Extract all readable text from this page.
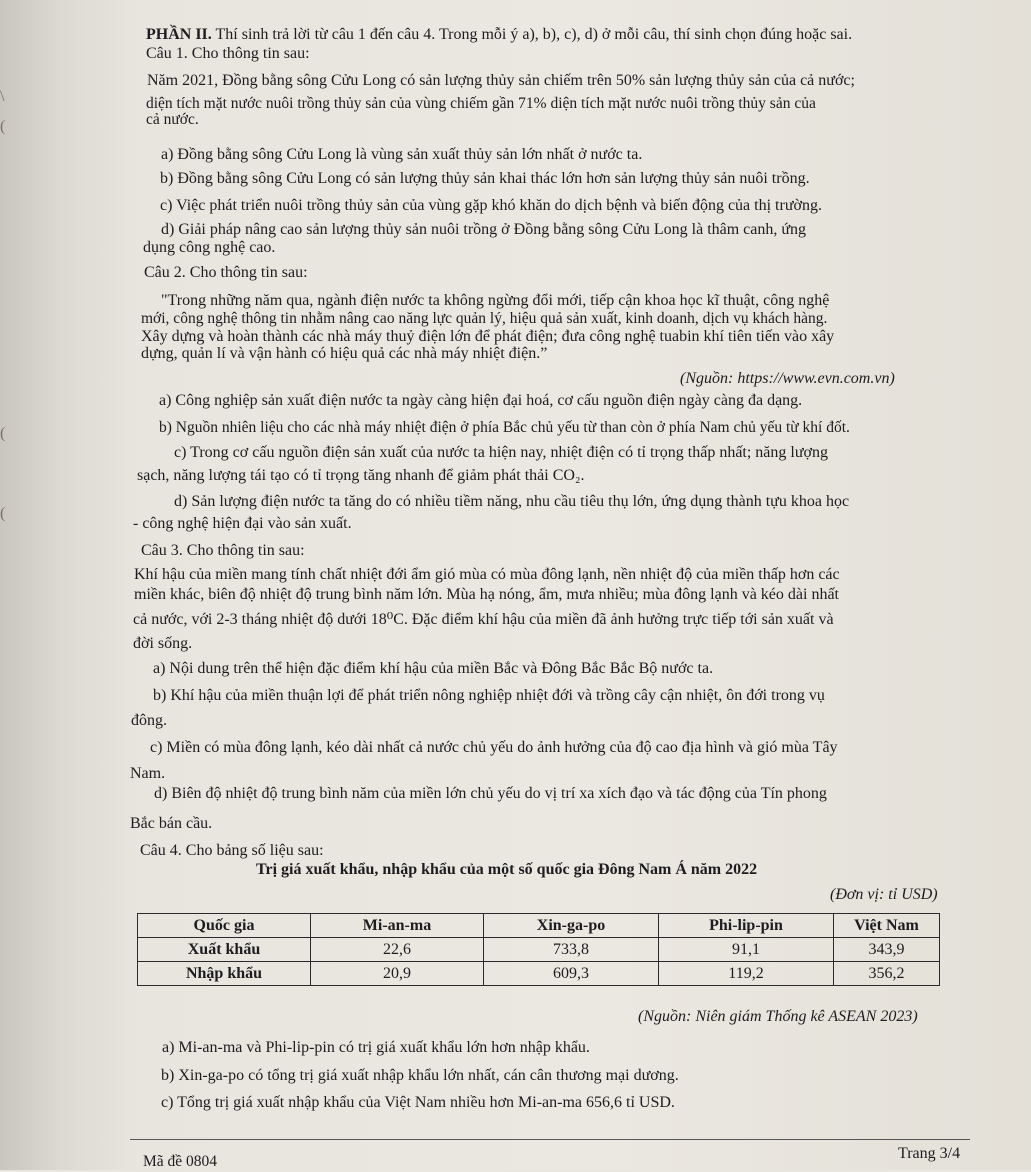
\
(
(
(
PHẦN II. Thí sinh trả lời từ câu 1 đến câu 4. Trong mỗi ý a), b), c), d) ở mỗi câu, thí sinh chọn đúng hoặc sai.
Câu 1. Cho thông tin sau:
Năm 2021, Đồng bằng sông Cửu Long có sản lượng thủy sản chiếm trên 50% sản lượng thủy sản của cả nước;
diện tích mặt nước nuôi trồng thủy sản của vùng chiếm gần 71% diện tích mặt nước nuôi trồng thủy sản của
cả nước.
a) Đồng bằng sông Cửu Long là vùng sản xuất thủy sản lớn nhất ở nước ta.
b) Đồng bằng sông Cửu Long có sản lượng thủy sản khai thác lớn hơn sản lượng thủy sản nuôi trồng.
c) Việc phát triển nuôi trồng thủy sản của vùng gặp khó khăn do dịch bệnh và biến động của thị trường.
d) Giải pháp nâng cao sản lượng thủy sản nuôi trồng ở Đồng bằng sông Cửu Long là thâm canh, ứng
dụng công nghệ cao.
Câu 2. Cho thông tin sau:
"Trong những năm qua, ngành điện nước ta không ngừng đổi mới, tiếp cận khoa học kĩ thuật, công nghệ
mới, công nghệ thông tin nhằm nâng cao năng lực quản lý, hiệu quả sản xuất, kinh doanh, dịch vụ khách hàng.
Xây dựng và hoàn thành các nhà máy thuỷ điện lớn để phát điện; đưa công nghệ tuabin khí tiên tiến vào xây
dựng, quản lí và vận hành có hiệu quả các nhà máy nhiệt điện.”
(Nguồn: https://www.evn.com.vn)
a) Công nghiệp sản xuất điện nước ta ngày càng hiện đại hoá, cơ cấu nguồn điện ngày càng đa dạng.
b) Nguồn nhiên liệu cho các nhà máy nhiệt điện ở phía Bắc chủ yếu từ than còn ở phía Nam chủ yếu từ khí đốt.
c) Trong cơ cấu nguồn điện sản xuất của nước ta hiện nay, nhiệt điện có tỉ trọng thấp nhất; năng lượng
sạch, năng lượng tái tạo có tỉ trọng tăng nhanh để giảm phát thải CO₂.
d) Sản lượng điện nước ta tăng do có nhiều tiềm năng, nhu cầu tiêu thụ lớn, ứng dụng thành tựu khoa học
- công nghệ hiện đại vào sản xuất.
Câu 3. Cho thông tin sau:
Khí hậu của miền mang tính chất nhiệt đới ẩm gió mùa có mùa đông lạnh, nền nhiệt độ của miền thấp hơn các
miền khác, biên độ nhiệt độ trung bình năm lớn. Mùa hạ nóng, ẩm, mưa nhiều; mùa đông lạnh và kéo dài nhất
cả nước, với 2-3 tháng nhiệt độ dưới 18⁰C. Đặc điểm khí hậu của miền đã ảnh hưởng trực tiếp tới sản xuất và
đời sống.
a) Nội dung trên thể hiện đặc điểm khí hậu của miền Bắc và Đông Bắc Bắc Bộ nước ta.
b) Khí hậu của miền thuận lợi để phát triển nông nghiệp nhiệt đới và trồng cây cận nhiệt, ôn đới trong vụ
đông.
c) Miền có mùa đông lạnh, kéo dài nhất cả nước chủ yếu do ảnh hưởng của độ cao địa hình và gió mùa Tây
Nam.
d) Biên độ nhiệt độ trung bình năm của miền lớn chủ yếu do vị trí xa xích đạo và tác động của Tín phong
Bắc bán cầu.
Câu 4. Cho bảng số liệu sau:
Trị giá xuất khẩu, nhập khẩu của một số quốc gia Đông Nam Á năm 2022
(Đơn vị: tỉ USD)
Quốc gia	Mi-an-ma	Xin-ga-po	Phi-lip-pin	Việt Nam
Xuất khẩu	22,6	733,8	91,1	343,9
Nhập khẩu	20,9	609,3	119,2	356,2
(Nguồn: Niên giám Thống kê ASEAN 2023)
a) Mi-an-ma và Phi-lip-pin có trị giá xuất khẩu lớn hơn nhập khẩu.
b) Xin-ga-po có tổng trị giá xuất nhập khẩu lớn nhất, cán cân thương mại dương.
c) Tổng trị giá xuất nhập khẩu của Việt Nam nhiều hơn Mi-an-ma 656,6 tỉ USD.
Mã đề 0804	Trang 3/4
